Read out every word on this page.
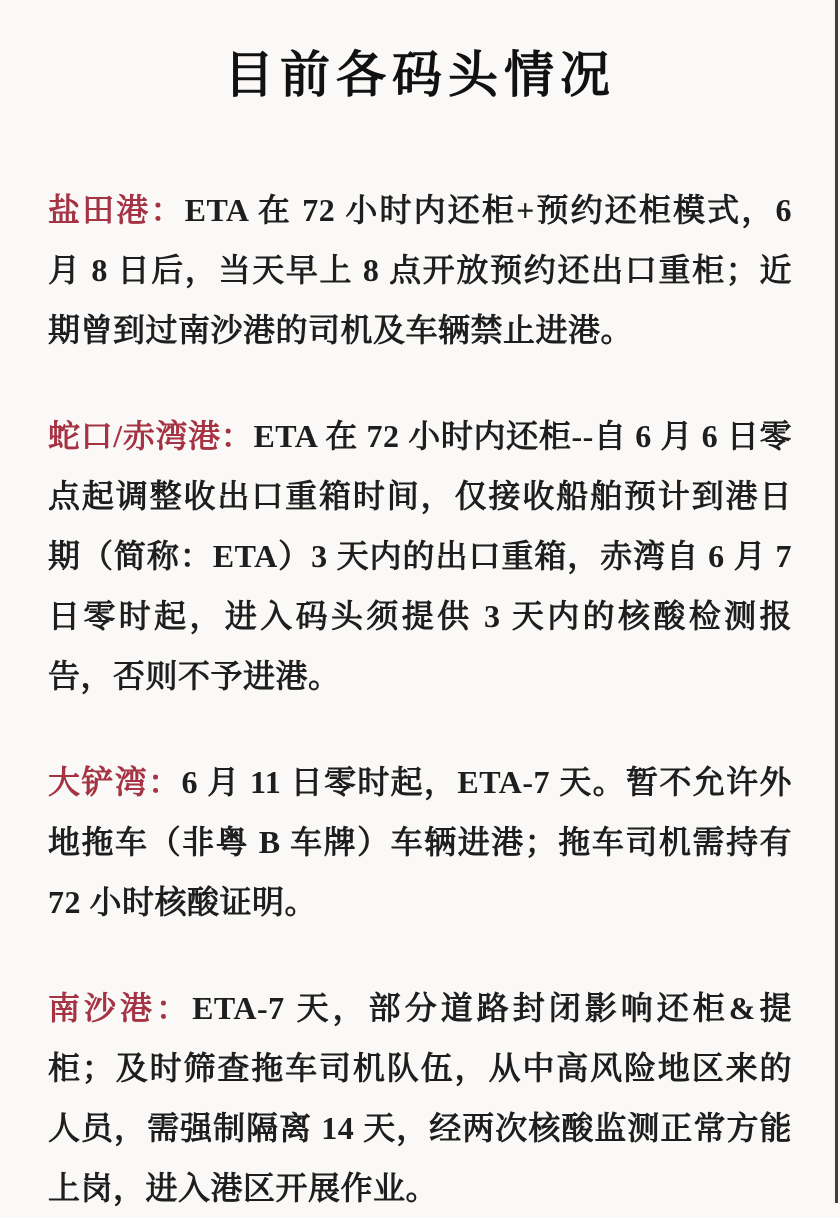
目前各码头情况

盐田港：ETA 在 72 小时内还柜+预约还柜模式，6 月 8 日后，当天早上 8 点开放预约还出口重柜；近期曾到过南沙港的司机及车辆禁止进港。

蛇口/赤湾港：ETA 在 72 小时内还柜--自 6 月 6 日零点起调整收出口重箱时间，仅接收船舶预计到港日期（简称：ETA）3 天内的出口重箱，赤湾自 6 月 7 日零时起，进入码头须提供 3 天内的核酸检测报告，否则不予进港。

大铲湾：6 月 11 日零时起，ETA-7 天。暂不允许外地拖车（非粤 B 车牌）车辆进港；拖车司机需持有 72 小时核酸证明。

南沙港：ETA-7 天，部分道路封闭影响还柜&提柜；及时筛查拖车司机队伍，从中高风险地区来的人员，需强制隔离 14 天，经两次核酸监测正常方能上岗，进入港区开展作业。
